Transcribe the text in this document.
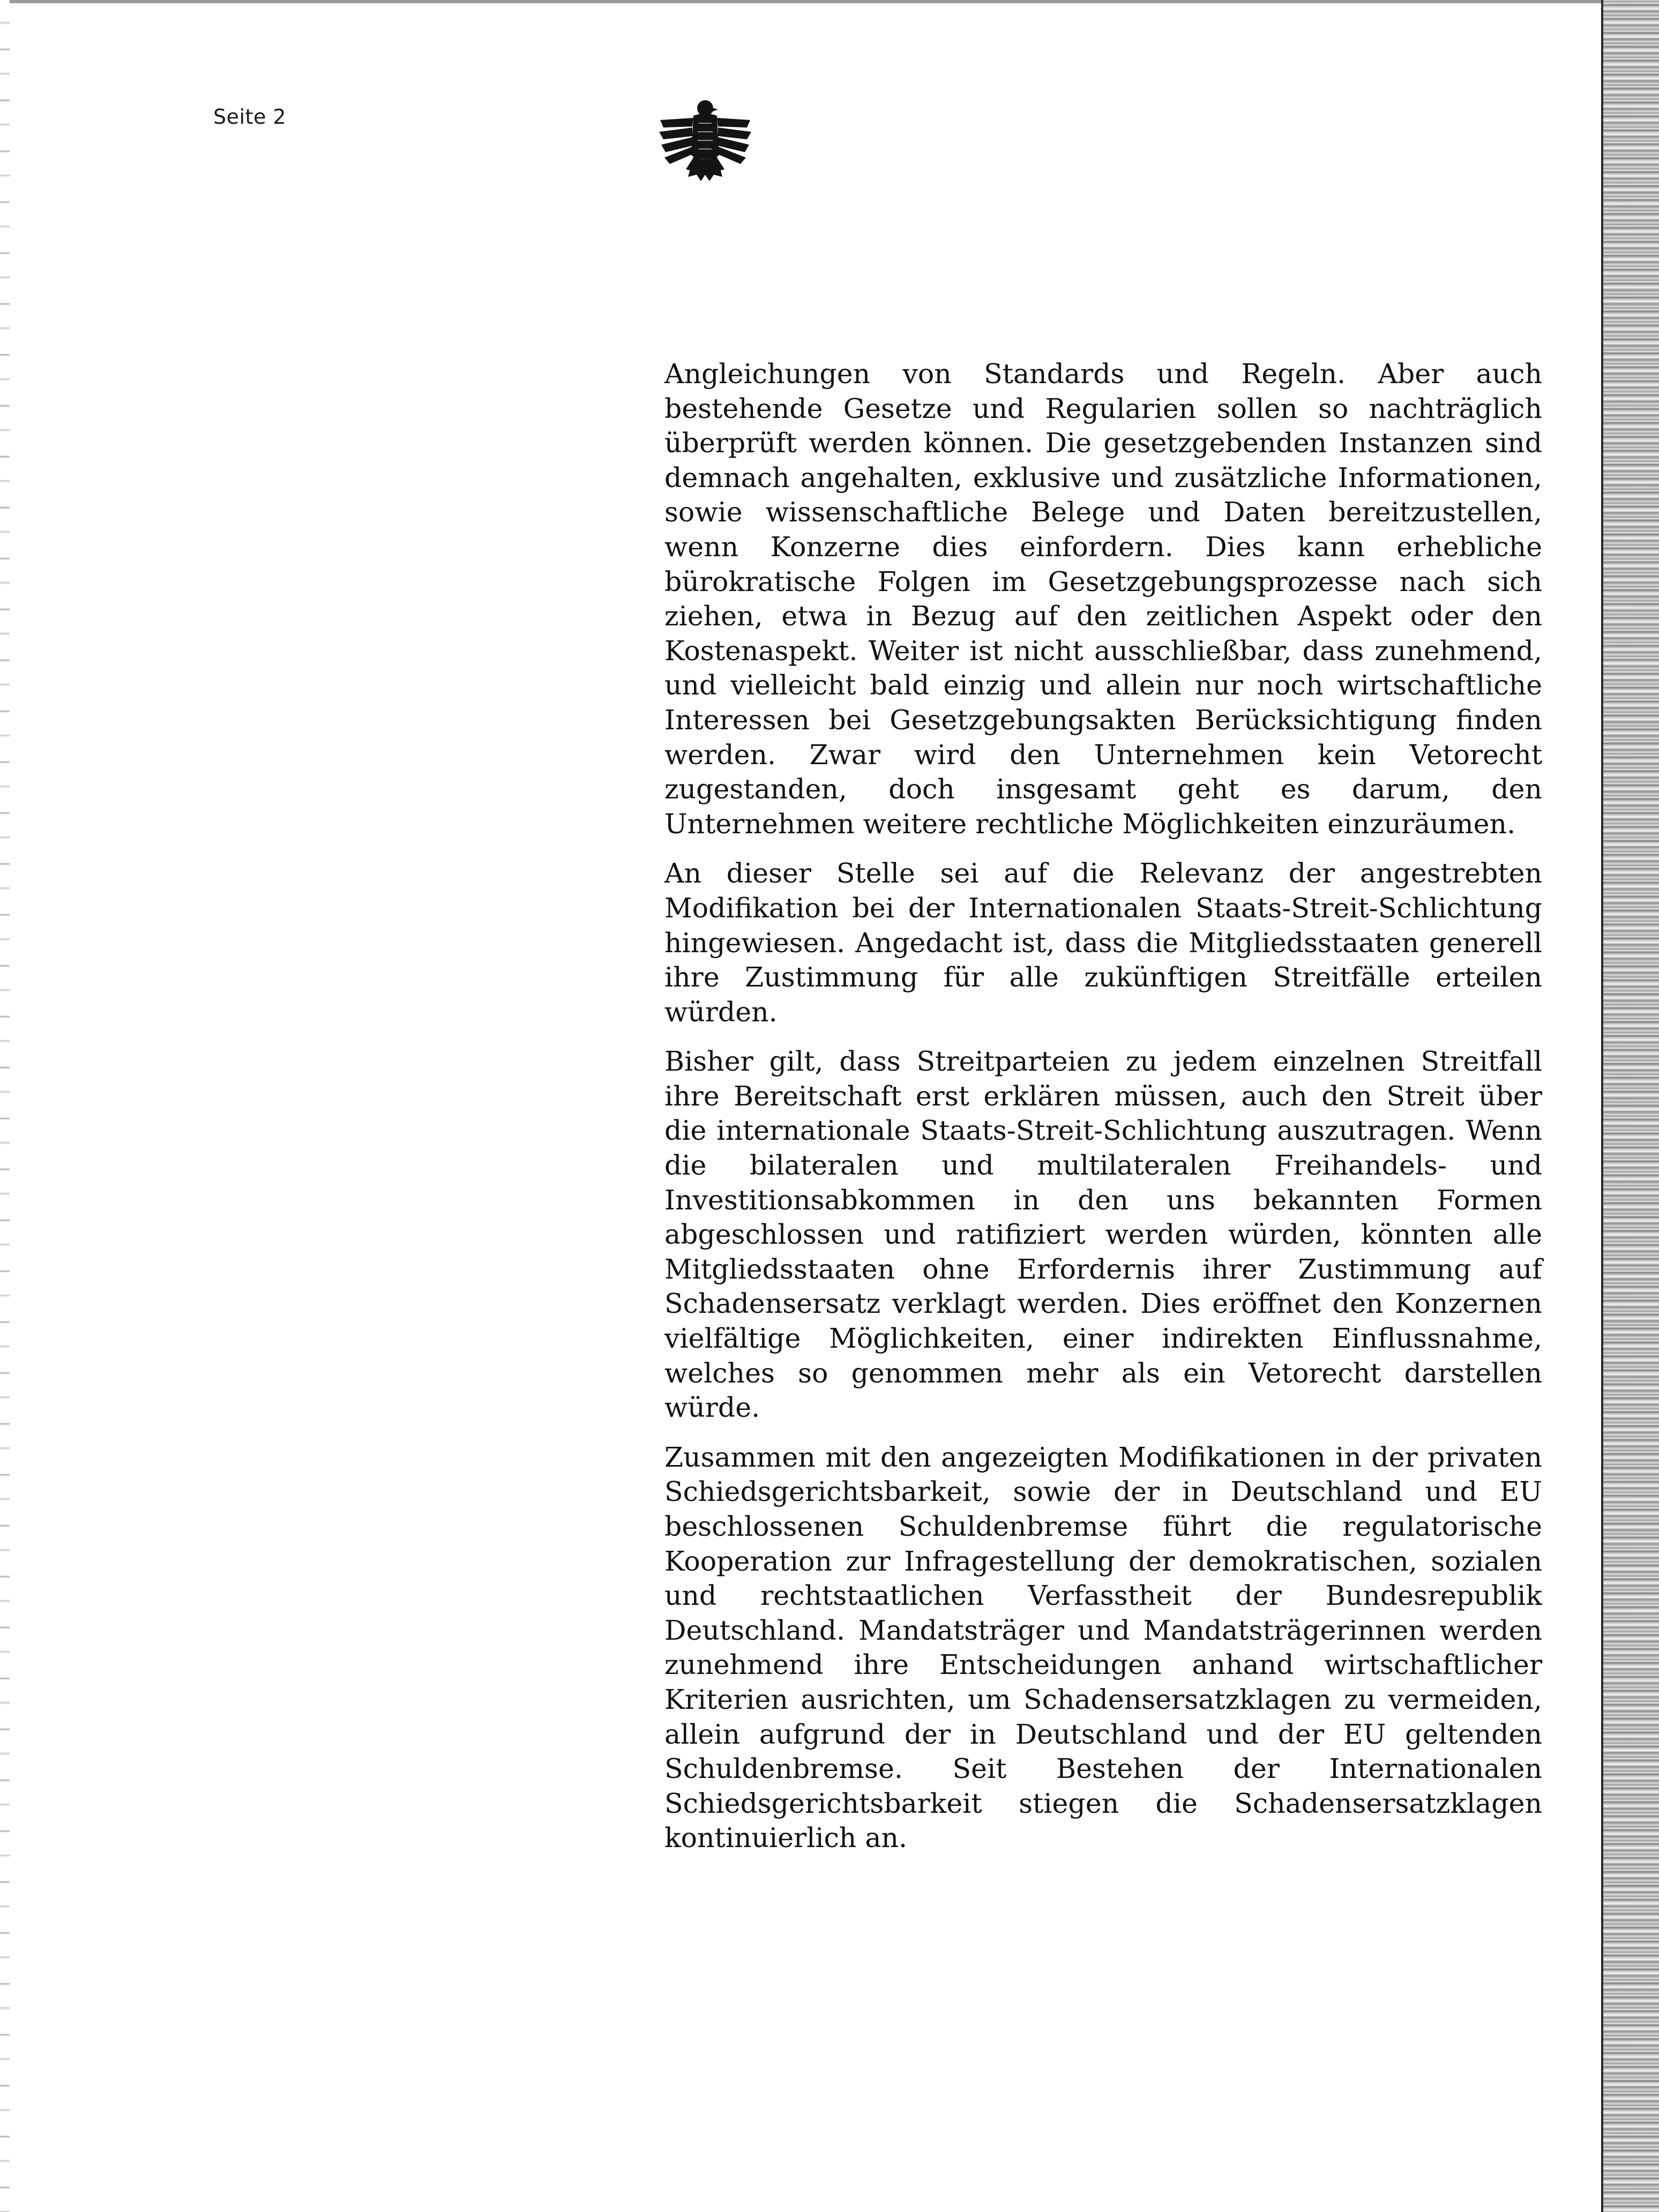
Seite 2

Angleichungen von Standards und Regeln. Aber auch bestehende Gesetze und Regularien sollen so nachträglich überprüft werden können. Die gesetzgebenden Instanzen sind demnach angehalten, exklusive und zusätzliche Informationen, sowie wissenschaftliche Belege und Daten bereitzustellen, wenn Konzerne dies einfordern. Dies kann erhebliche bürokratische Folgen im Gesetzgebungsprozesse nach sich ziehen, etwa in Bezug auf den zeitlichen Aspekt oder den Kostenaspekt. Weiter ist nicht ausschließbar, dass zunehmend, und vielleicht bald einzig und allein nur noch wirtschaftliche Interessen bei Gesetzgebungsakten Berücksichtigung finden werden. Zwar wird den Unternehmen kein Vetorecht zugestanden, doch insgesamt geht es darum, den Unternehmen weitere rechtliche Möglichkeiten einzuräumen.

An dieser Stelle sei auf die Relevanz der angestrebten Modifikation bei der Internationalen Staats-Streit-Schlichtung hingewiesen. Angedacht ist, dass die Mitgliedsstaaten generell ihre Zustimmung für alle zukünftigen Streitfälle erteilen würden.

Bisher gilt, dass Streitparteien zu jedem einzelnen Streitfall ihre Bereitschaft erst erklären müssen, auch den Streit über die internationale Staats-Streit-Schlichtung auszutragen. Wenn die bilateralen und multilateralen Freihandels- und Investitionsabkommen in den uns bekannten Formen abgeschlossen und ratifiziert werden würden, könnten alle Mitgliedsstaaten ohne Erfordernis ihrer Zustimmung auf Schadensersatz verklagt werden. Dies eröffnet den Konzernen vielfältige Möglichkeiten, einer indirekten Einflussnahme, welches so genommen mehr als ein Vetorecht darstellen würde.

Zusammen mit den angezeigten Modifikationen in der privaten Schiedsgerichtsbarkeit, sowie der in Deutschland und EU beschlossenen Schuldenbremse führt die regulatorische Kooperation zur Infragestellung der demokratischen, sozialen und rechtstaatlichen Verfasstheit der Bundesrepublik Deutschland. Mandatsträger und Mandatsträgerinnen werden zunehmend ihre Entscheidungen anhand wirtschaftlicher Kriterien ausrichten, um Schadensersatzklagen zu vermeiden, allein aufgrund der in Deutschland und der EU geltenden Schuldenbremse. Seit Bestehen der Internationalen Schiedsgerichtsbarkeit stiegen die Schadensersatzklagen kontinuierlich an.
